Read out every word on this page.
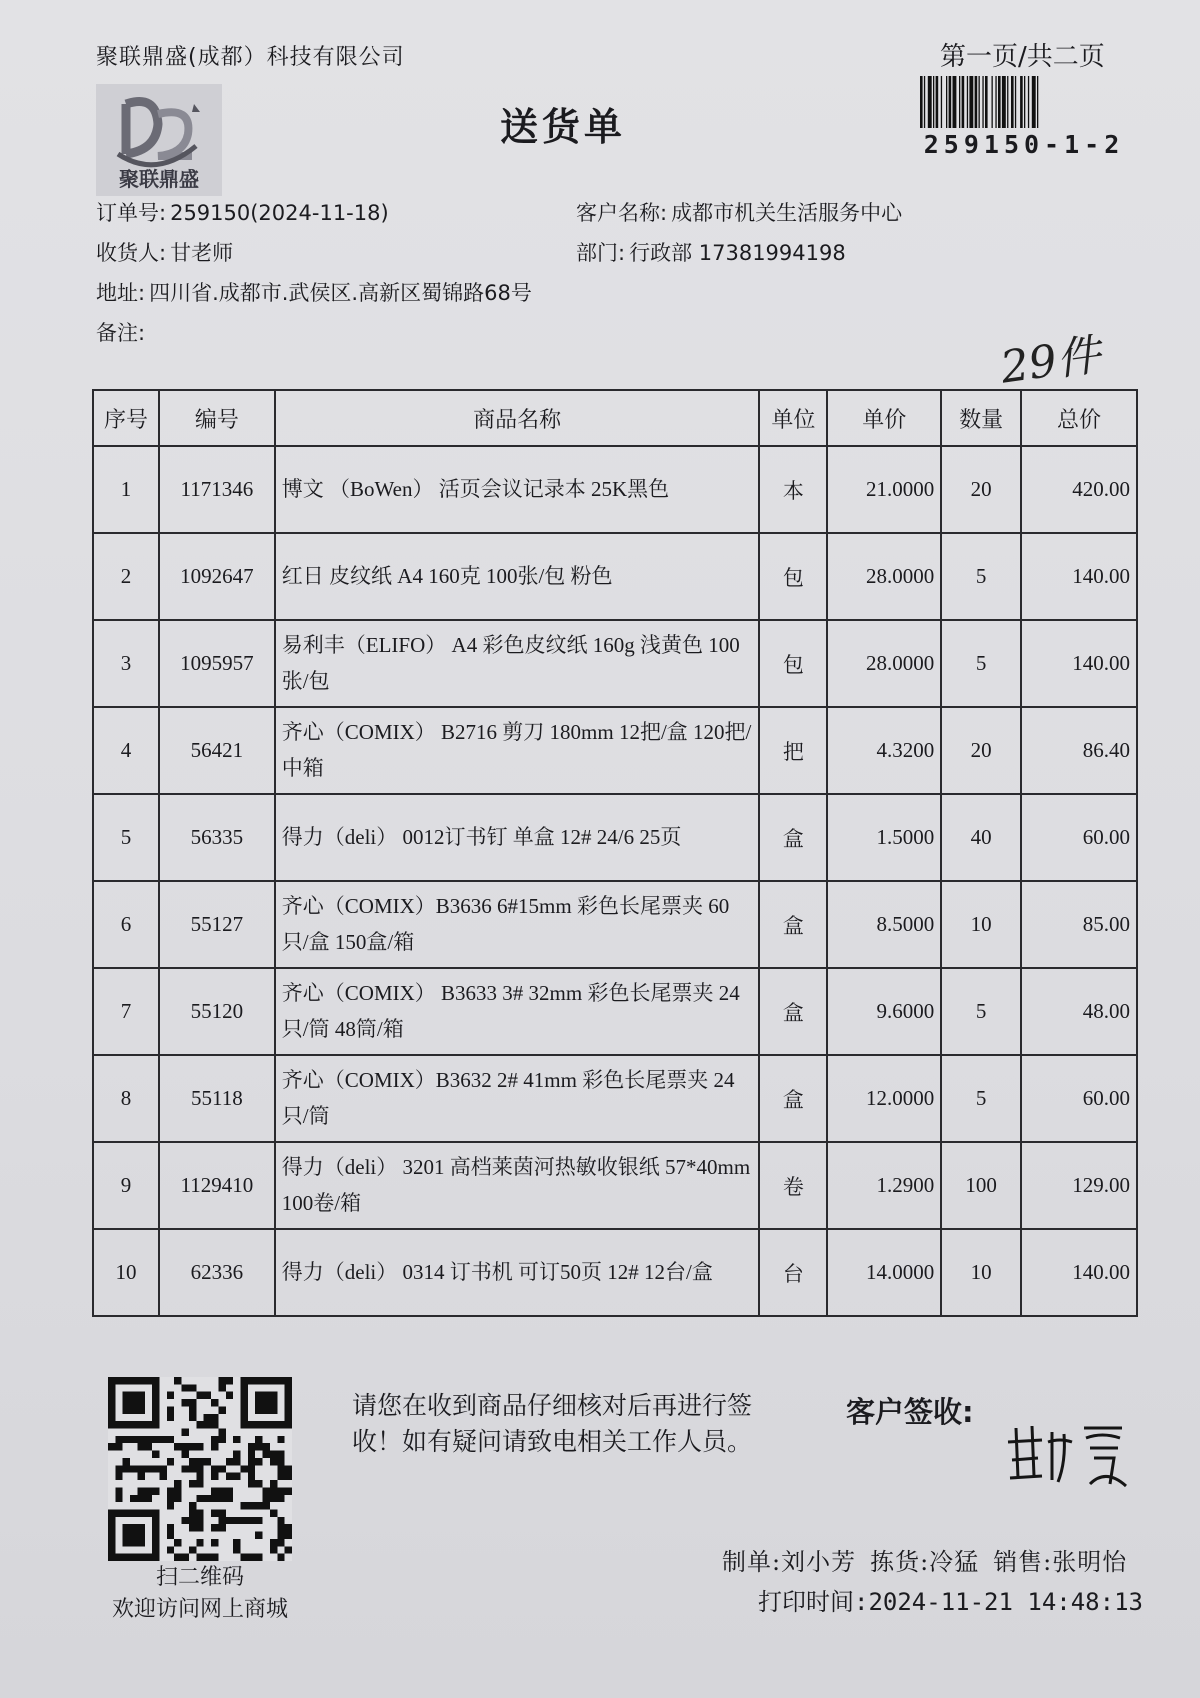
聚联鼎盛(成都）科技有限公司	第一页/共二页
聚联鼎盛
送货单	259150-1-2
订单号: 259150(2024-11-18)	客户名称: 成都市机关生活服务中心
收货人: 甘老师	部门: 行政部 17381994198
地址: 四川省.成都市.武侯区.高新区蜀锦路68号
备注:	29件
序号	编号	商品名称	单位	单价	数量	总价
1	1171346	博文 （BoWen） 活页会议记录本 25K黑色	本	21.0000	20	420.00
2	1092647	红日 皮纹纸 A4 160克 100张/包 粉色	包	28.0000	5	140.00
3	1095957	易利丰（ELIFO） A4 彩色皮纹纸 160g 浅黄色 100张/包	包	28.0000	5	140.00
4	56421	齐心（COMIX） B2716 剪刀 180mm 12把/盒 120把/中箱	把	4.3200	20	86.40
5	56335	得力（deli） 0012订书钉 单盒 12# 24/6 25页	盒	1.5000	40	60.00
6	55127	齐心（COMIX）B3636 6#15mm 彩色长尾票夹 60只/盒 150盒/箱	盒	8.5000	10	85.00
7	55120	齐心（COMIX） B3633 3# 32mm 彩色长尾票夹 24只/筒 48筒/箱	盒	9.6000	5	48.00
8	55118	齐心（COMIX）B3632 2# 41mm 彩色长尾票夹 24只/筒	盒	12.0000	5	60.00
9	1129410	得力（deli） 3201 高档莱茵河热敏收银纸 57*40mm 100卷/箱	卷	1.2900	100	129.00
10	62336	得力（deli） 0314 订书机 可订50页 12# 12台/盒	台	14.0000	10	140.00
扫二维码
欢迎访问网上商城
请您在收到商品仔细核对后再进行签收！如有疑问请致电相关工作人员。
客户签收:
制单:刘小芳 拣货:冷猛 销售:张明怡
打印时间:2024-11-21 14:48:13
